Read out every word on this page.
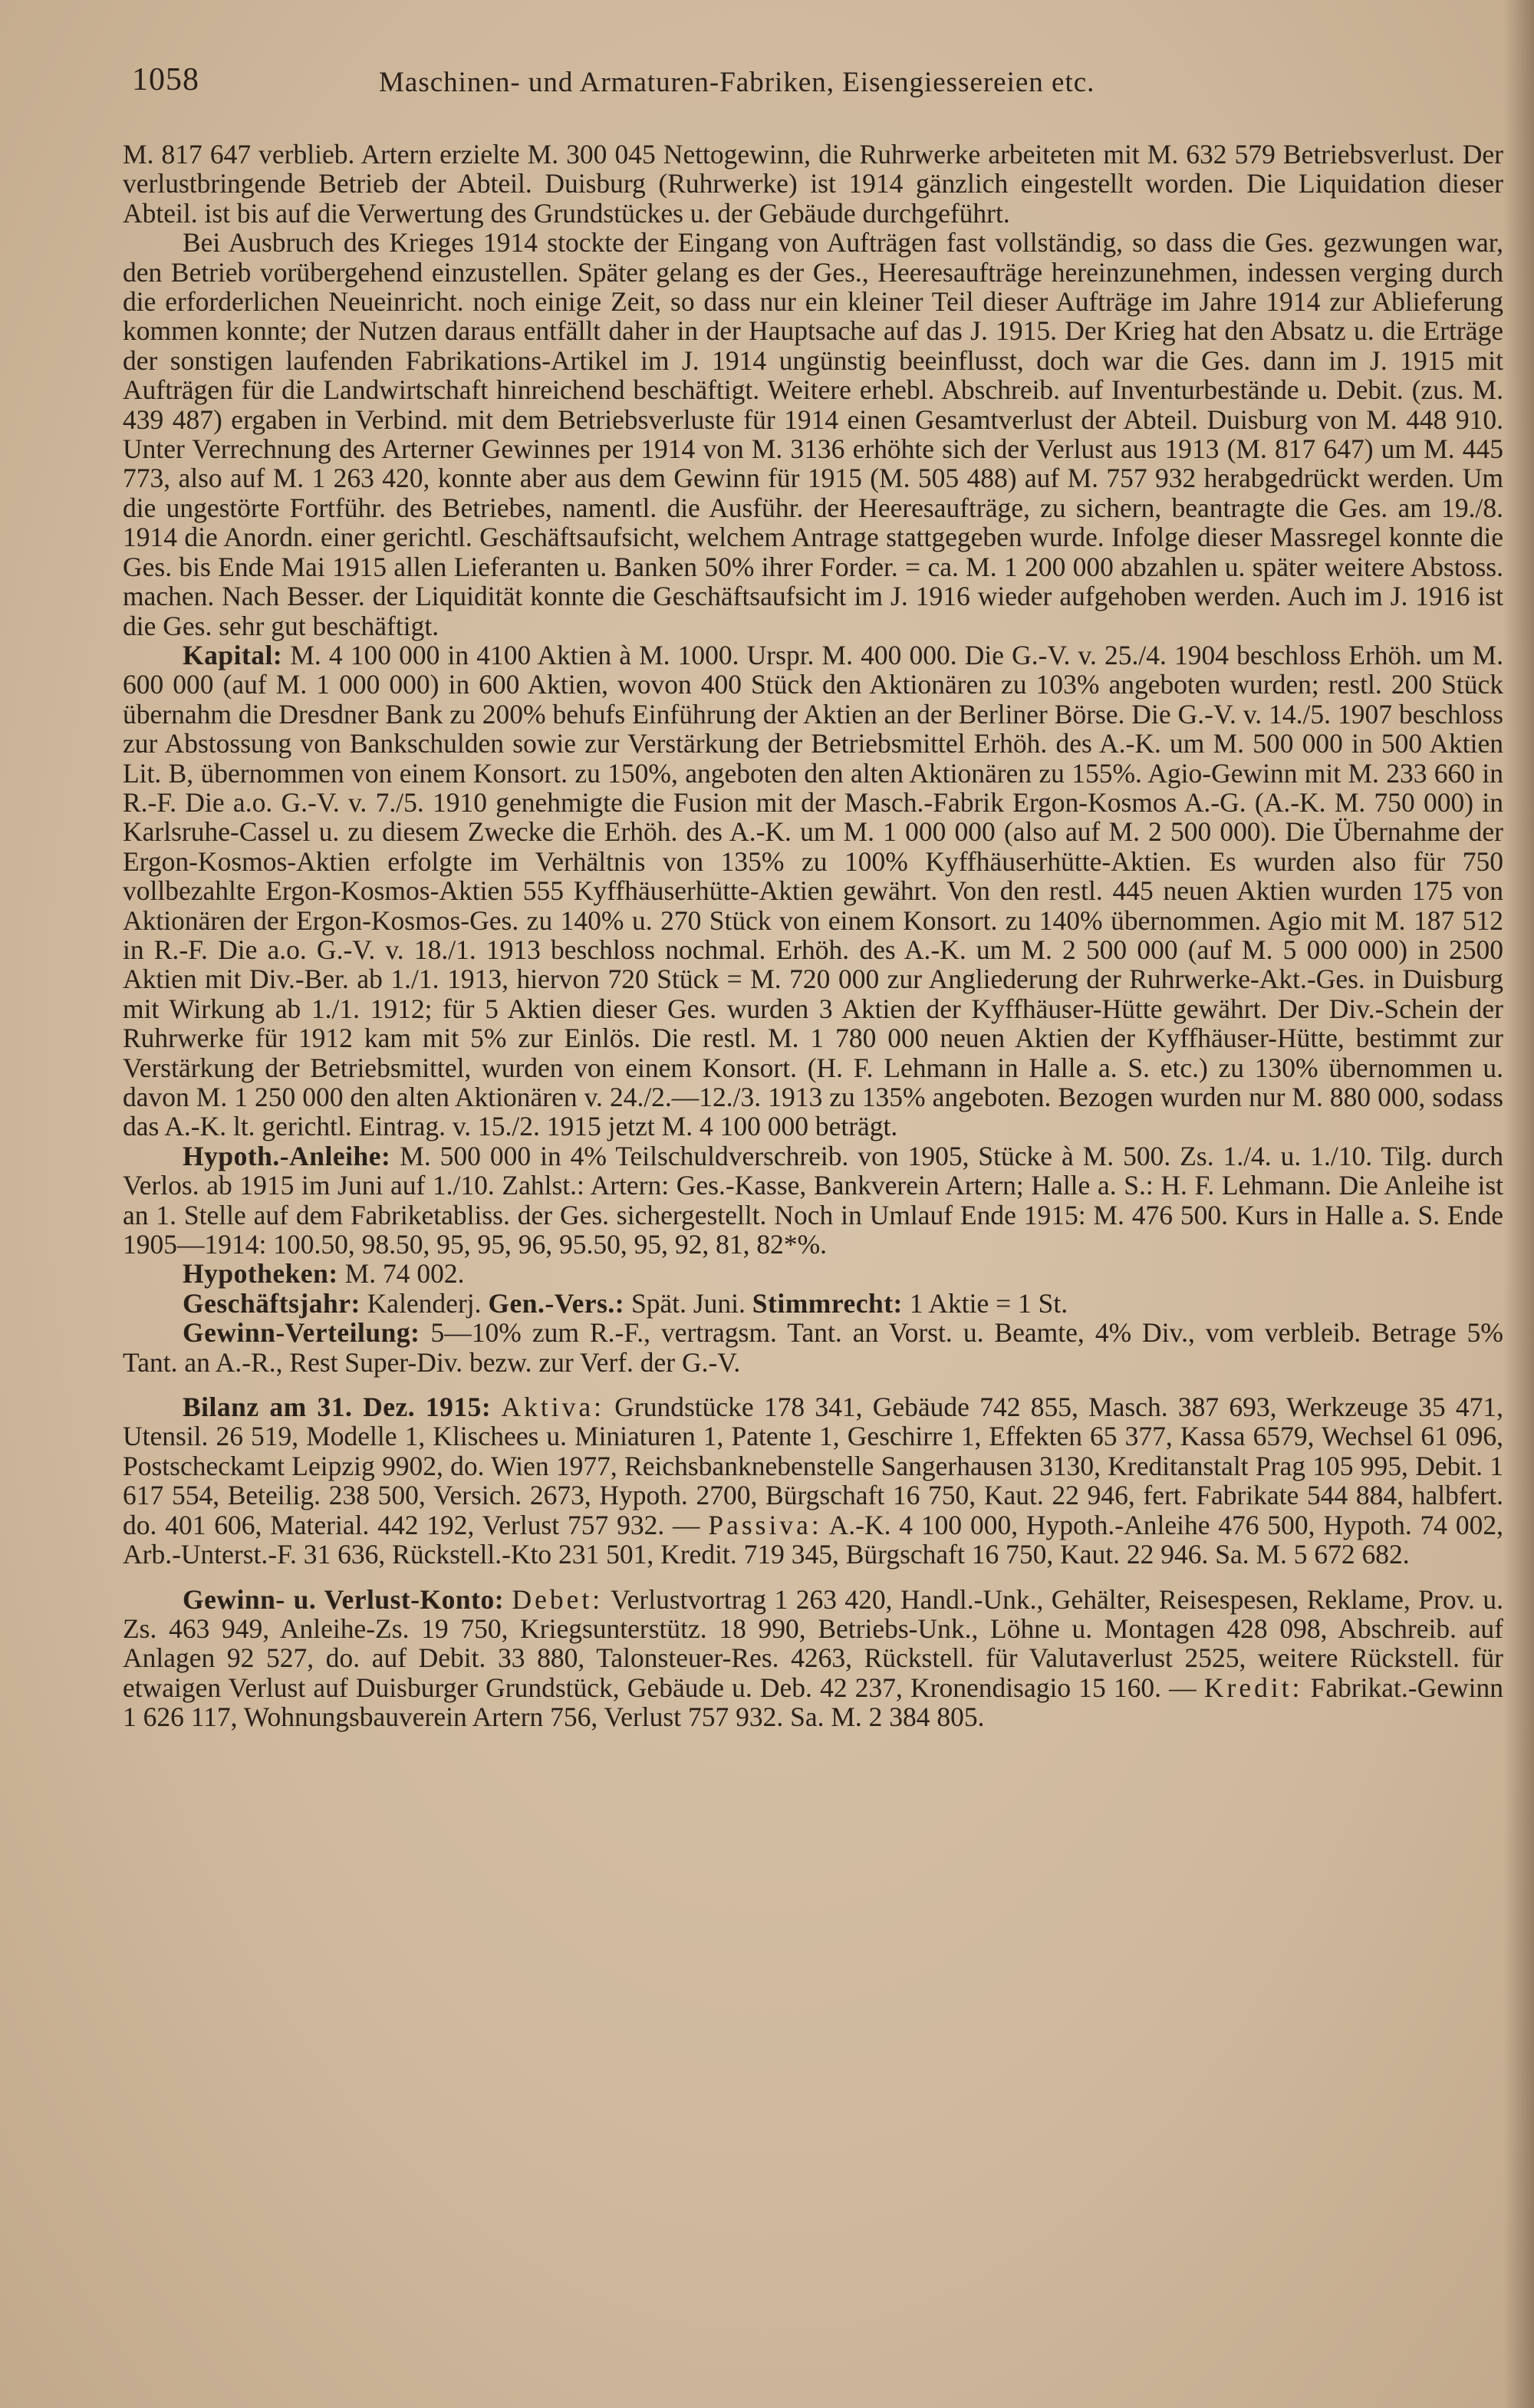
1058	Maschinen- und Armaturen-Fabriken, Eisengiessereien etc.

M. 817 647 verblieb. Artern erzielte M. 300 045 Nettogewinn, die Ruhrwerke arbeiteten mit M. 632 579 Betriebsverlust. Der verlustbringende Betrieb der Abteil. Duisburg (Ruhrwerke) ist 1914 gänzlich eingestellt worden. Die Liquidation dieser Abteil. ist bis auf die Verwertung des Grundstückes u. der Gebäude durchgeführt.

Bei Ausbruch des Krieges 1914 stockte der Eingang von Aufträgen fast vollständig, so dass die Ges. gezwungen war, den Betrieb vorübergehend einzustellen. Später gelang es der Ges., Heeresaufträge hereinzunehmen, indessen verging durch die erforderlichen Neueinricht. noch einige Zeit, so dass nur ein kleiner Teil dieser Aufträge im Jahre 1914 zur Ablieferung kommen konnte; der Nutzen daraus entfällt daher in der Hauptsache auf das J. 1915. Der Krieg hat den Absatz u. die Erträge der sonstigen laufenden Fabrikations-Artikel im J. 1914 ungünstig beeinflusst, doch war die Ges. dann im J. 1915 mit Aufträgen für die Landwirtschaft hinreichend beschäftigt. Weitere erhebl. Abschreib. auf Inventurbestände u. Debit. (zus. M. 439 487) ergaben in Verbind. mit dem Betriebsverluste für 1914 einen Gesamtverlust der Abteil. Duisburg von M. 448 910. Unter Verrechnung des Arterner Gewinnes per 1914 von M. 3136 erhöhte sich der Verlust aus 1913 (M. 817 647) um M. 445 773, also auf M. 1 263 420, konnte aber aus dem Gewinn für 1915 (M. 505 488) auf M. 757 932 herabgedrückt werden. Um die ungestörte Fortführ. des Betriebes, namentl. die Ausführ. der Heeresaufträge, zu sichern, beantragte die Ges. am 19./8. 1914 die Anordn. einer gerichtl. Geschäftsaufsicht, welchem Antrage stattgegeben wurde. Infolge dieser Massregel konnte die Ges. bis Ende Mai 1915 allen Lieferanten u. Banken 50% ihrer Forder. = ca. M. 1 200 000 abzahlen u. später weitere Abstoss. machen. Nach Besser. der Liquidität konnte die Geschäftsaufsicht im J. 1916 wieder aufgehoben werden. Auch im J. 1916 ist die Ges. sehr gut beschäftigt.

Kapital: M. 4 100 000 in 4100 Aktien à M. 1000. Urspr. M. 400 000. Die G.-V. v. 25./4. 1904 beschloss Erhöh. um M. 600 000 (auf M. 1 000 000) in 600 Aktien, wovon 400 Stück den Aktionären zu 103% angeboten wurden; restl. 200 Stück übernahm die Dresdner Bank zu 200% behufs Einführung der Aktien an der Berliner Börse. Die G.-V. v. 14./5. 1907 beschloss zur Abstossung von Bankschulden sowie zur Verstärkung der Betriebsmittel Erhöh. des A.-K. um M. 500 000 in 500 Aktien Lit. B, übernommen von einem Konsort. zu 150%, angeboten den alten Aktionären zu 155%. Agio-Gewinn mit M. 233 660 in R.-F. Die a.o. G.-V. v. 7./5. 1910 genehmigte die Fusion mit der Masch.-Fabrik Ergon-Kosmos A.-G. (A.-K. M. 750 000) in Karlsruhe-Cassel u. zu diesem Zwecke die Erhöh. des A.-K. um M. 1 000 000 (also auf M. 2 500 000). Die Übernahme der Ergon-Kosmos-Aktien erfolgte im Verhältnis von 135% zu 100% Kyffhäuserhütte-Aktien. Es wurden also für 750 vollbezahlte Ergon-Kosmos-Aktien 555 Kyffhäuserhütte-Aktien gewährt. Von den restl. 445 neuen Aktien wurden 175 von Aktionären der Ergon-Kosmos-Ges. zu 140% u. 270 Stück von einem Konsort. zu 140% übernommen. Agio mit M. 187 512 in R.-F. Die a.o. G.-V. v. 18./1. 1913 beschloss nochmal. Erhöh. des A.-K. um M. 2 500 000 (auf M. 5 000 000) in 2500 Aktien mit Div.-Ber. ab 1./1. 1913, hiervon 720 Stück = M. 720 000 zur Angliederung der Ruhrwerke-Akt.-Ges. in Duisburg mit Wirkung ab 1./1. 1912; für 5 Aktien dieser Ges. wurden 3 Aktien der Kyffhäuser-Hütte gewährt. Der Div.-Schein der Ruhrwerke für 1912 kam mit 5% zur Einlös. Die restl. M. 1 780 000 neuen Aktien der Kyffhäuser-Hütte, bestimmt zur Verstärkung der Betriebsmittel, wurden von einem Konsort. (H. F. Lehmann in Halle a. S. etc.) zu 130% übernommen u. davon M. 1 250 000 den alten Aktionären v. 24./2.—12./3. 1913 zu 135% angeboten. Bezogen wurden nur M. 880 000, sodass das A.-K. lt. gerichtl. Eintrag. v. 15./2. 1915 jetzt M. 4 100 000 beträgt.

Hypoth.-Anleihe: M. 500 000 in 4% Teilschuldverschreib. von 1905, Stücke à M. 500. Zs. 1./4. u. 1./10. Tilg. durch Verlos. ab 1915 im Juni auf 1./10. Zahlst.: Artern: Ges.-Kasse, Bankverein Artern; Halle a. S.: H. F. Lehmann. Die Anleihe ist an 1. Stelle auf dem Fabriketabliss. der Ges. sichergestellt. Noch in Umlauf Ende 1915: M. 476 500. Kurs in Halle a. S. Ende 1905—1914: 100.50, 98.50, 95, 95, 96, 95.50, 95, 92, 81, 82*%.

Hypotheken: M. 74 002.

Geschäftsjahr: Kalenderj. Gen.-Vers.: Spät. Juni. Stimmrecht: 1 Aktie = 1 St.

Gewinn-Verteilung: 5—10% zum R.-F., vertragsm. Tant. an Vorst. u. Beamte, 4% Div., vom verbleib. Betrage 5% Tant. an A.-R., Rest Super-Div. bezw. zur Verf. der G.-V.

Bilanz am 31. Dez. 1915: Aktiva: Grundstücke 178 341, Gebäude 742 855, Masch. 387 693, Werkzeuge 35 471, Utensil. 26 519, Modelle 1, Klischees u. Miniaturen 1, Patente 1, Geschirre 1, Effekten 65 377, Kassa 6579, Wechsel 61 096, Postscheckamt Leipzig 9902, do. Wien 1977, Reichsbanknebenstelle Sangerhausen 3130, Kreditanstalt Prag 105 995, Debit. 1 617 554, Beteilig. 238 500, Versich. 2673, Hypoth. 2700, Bürgschaft 16 750, Kaut. 22 946, fert. Fabrikate 544 884, halbfert. do. 401 606, Material. 442 192, Verlust 757 932. — Passiva: A.-K. 4 100 000, Hypoth.-Anleihe 476 500, Hypoth. 74 002, Arb.-Unterst.-F. 31 636, Rückstell.-Kto 231 501, Kredit. 719 345, Bürgschaft 16 750, Kaut. 22 946. Sa. M. 5 672 682.

Gewinn- u. Verlust-Konto: Debet: Verlustvortrag 1 263 420, Handl.-Unk., Gehälter, Reisespesen, Reklame, Prov. u. Zs. 463 949, Anleihe-Zs. 19 750, Kriegsunterstütz. 18 990, Betriebs-Unk., Löhne u. Montagen 428 098, Abschreib. auf Anlagen 92 527, do. auf Debit. 33 880, Talonsteuer-Res. 4263, Rückstell. für Valutaverlust 2525, weitere Rückstell. für etwaigen Verlust auf Duisburger Grundstück, Gebäude u. Deb. 42 237, Kronendisagio 15 160. — Kredit: Fabrikat.-Gewinn 1 626 117, Wohnungsbauverein Artern 756, Verlust 757 932. Sa. M. 2 384 805.
